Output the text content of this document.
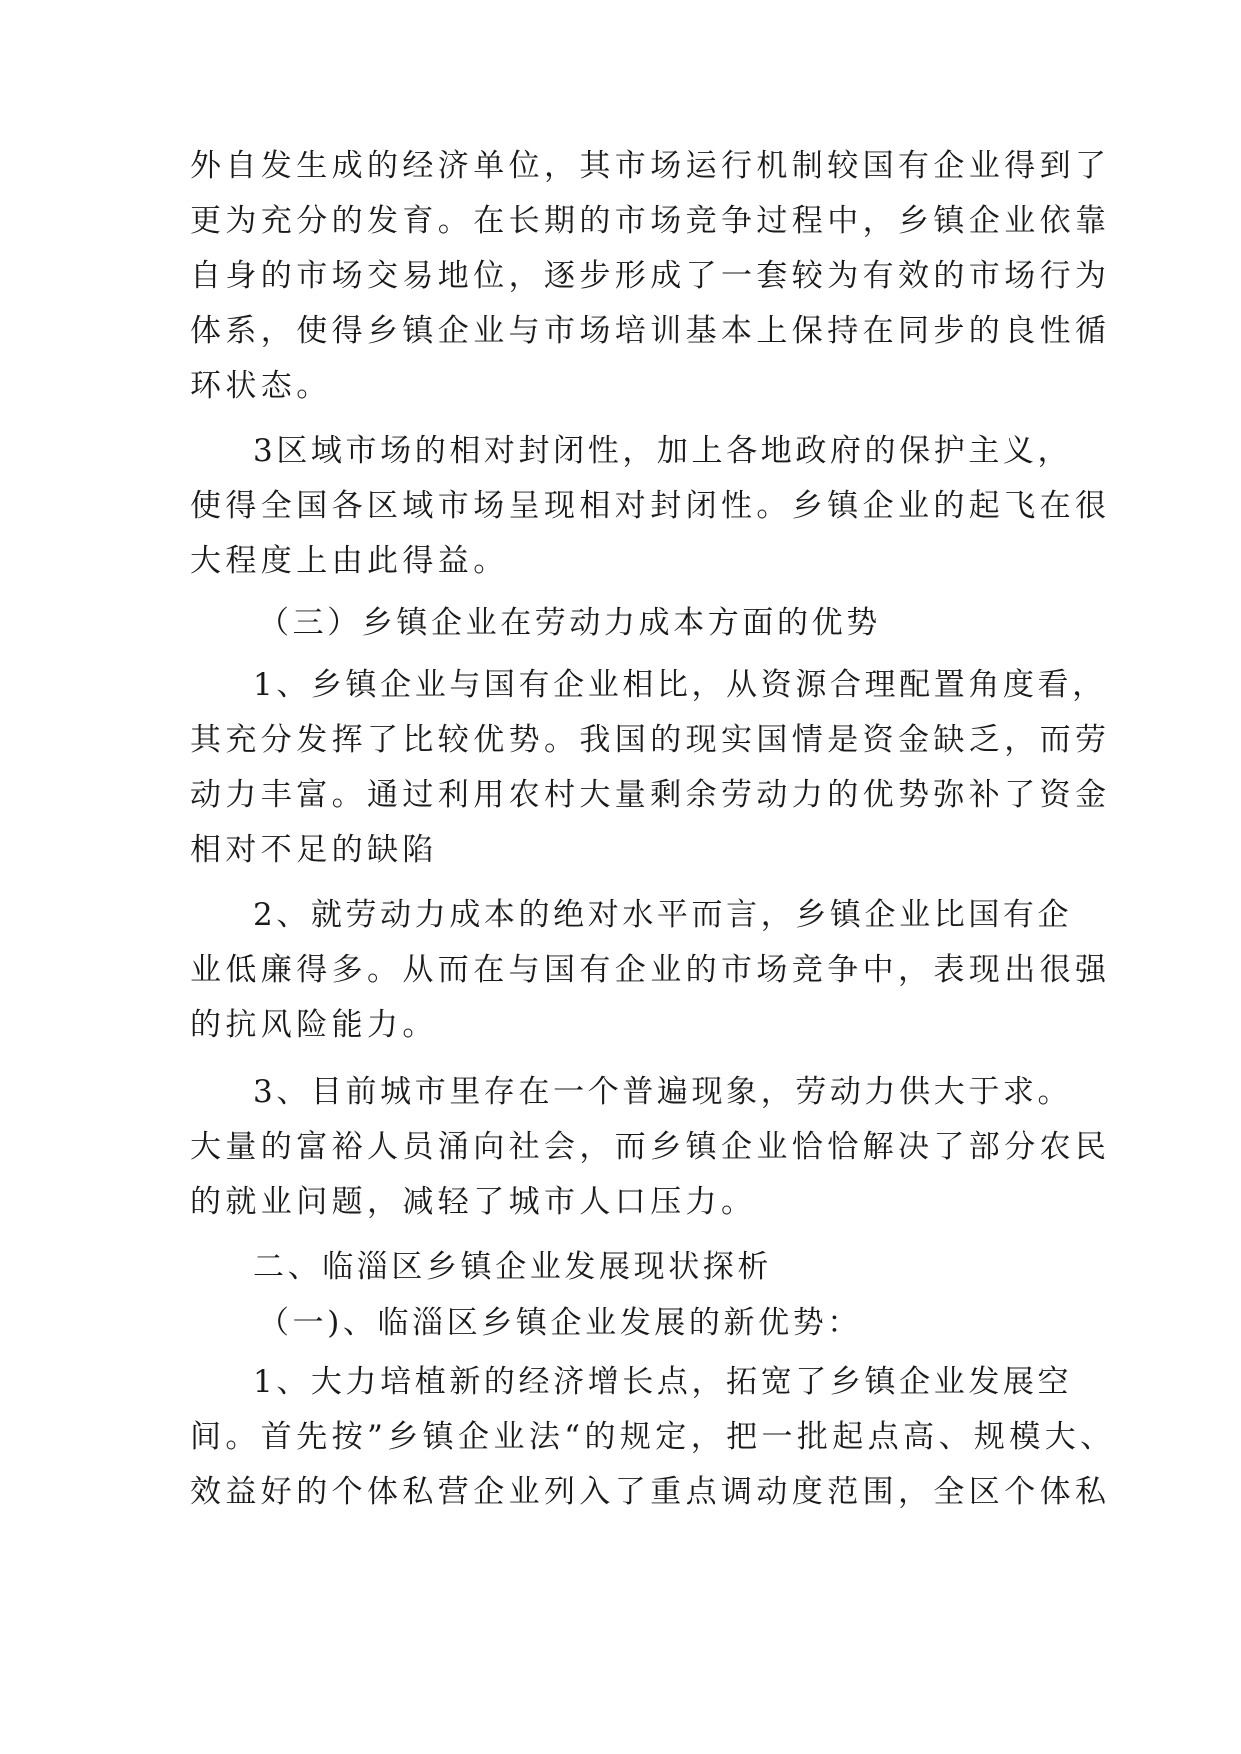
外自发生成的经济单位，其市场运行机制较国有企业得到了
更为充分的发育。在长期的市场竞争过程中，乡镇企业依靠
自身的市场交易地位，逐步形成了一套较为有效的市场行为
体系，使得乡镇企业与市场培训基本上保持在同步的良性循
环状态。
3区域市场的相对封闭性，加上各地政府的保护主义，
使得全国各区域市场呈现相对封闭性。乡镇企业的起飞在很
大程度上由此得益。
（三）乡镇企业在劳动力成本方面的优势
1、乡镇企业与国有企业相比，从资源合理配置角度看，
其充分发挥了比较优势。我国的现实国情是资金缺乏，而劳
动力丰富。通过利用农村大量剩余劳动力的优势弥补了资金
相对不足的缺陷
2、就劳动力成本的绝对水平而言，乡镇企业比国有企
业低廉得多。从而在与国有企业的市场竞争中，表现出很强
的抗风险能力。
3、目前城市里存在一个普遍现象，劳动力供大于求。
大量的富裕人员涌向社会，而乡镇企业恰恰解决了部分农民
的就业问题，减轻了城市人口压力。
二、临淄区乡镇企业发展现状探析
（一)、临淄区乡镇企业发展的新优势：
1、大力培植新的经济增长点，拓宽了乡镇企业发展空
间。首先按”乡镇企业法“的规定，把一批起点高、规模大、
效益好的个体私营企业列入了重点调动度范围，全区个体私
